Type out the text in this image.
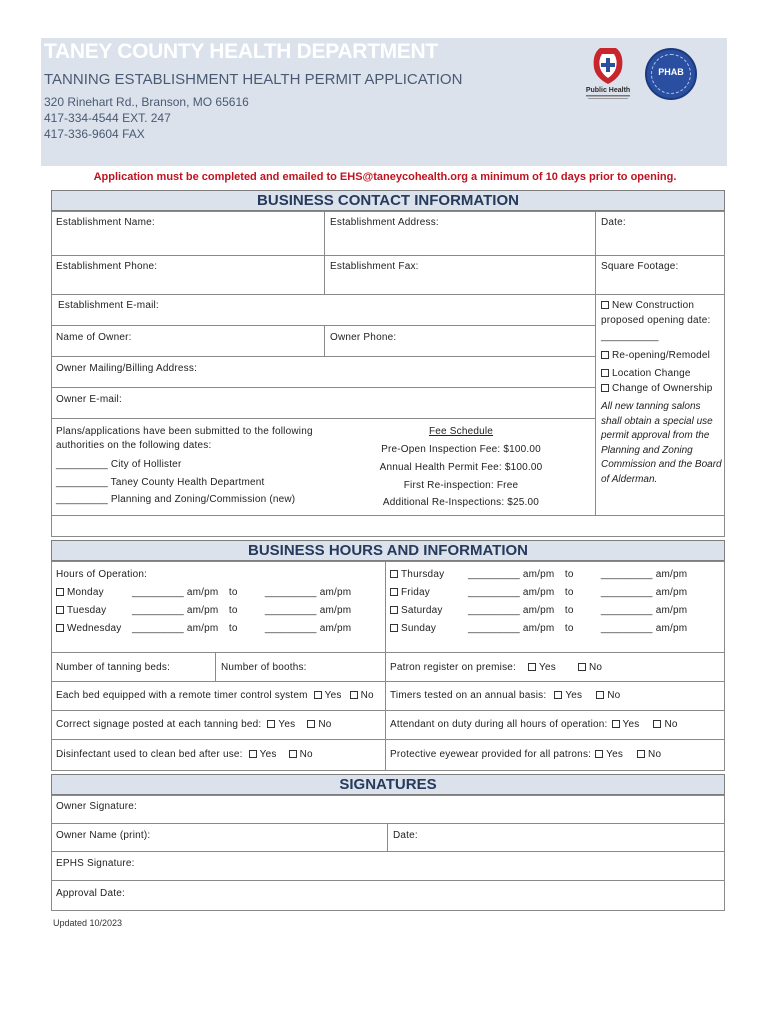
TANEY COUNTY HEALTH DEPARTMENT
TANNING ESTABLISHMENT HEALTH PERMIT APPLICATION
320 Rinehart Rd., Branson, MO 65616
417-334-4544 EXT. 247
417-336-9604 FAX
Public Health
PHAB
Application must be completed and emailed to EHS@taneycohealth.org a minimum of 10 days prior to opening.
BUSINESS CONTACT INFORMATION
Establishment Name:	Establishment Address:	Date:
Establishment Phone:	Establishment Fax:	Square Footage:
Establishment E-mail:
Name of Owner:	Owner Phone:
Owner Mailing/Billing Address:
Owner E-mail:
New Construction
proposed opening date:
__________
Re-opening/Remodel
Location Change
Change of Ownership
All new tanning salons shall obtain a special use permit approval from the Planning and Zoning Commission and the Board of Alderman.
Plans/applications have been submitted to the following
authorities on the following dates:
_________ City of Hollister
_________ Taney County Health Department
_________ Planning and Zoning/Commission (new)
Fee Schedule
Pre-Open Inspection Fee: $100.00
Annual Health Permit Fee: $100.00
First Re-inspection: Free
Additional Re-Inspections: $25.00
BUSINESS HOURS AND INFORMATION
Hours of Operation:
Monday	_________ am/pm to	_________ am/pm
Tuesday	_________ am/pm to	_________ am/pm
Wednesday _________ am/pm to	_________ am/pm
Thursday _________ am/pm to	_________ am/pm
Friday	_________ am/pm to	_________ am/pm
Saturday	_________ am/pm to	_________ am/pm
Sunday	_________ am/pm to	_________ am/pm
Number of tanning beds:	Number of booths:	Patron register on premise: Yes	No
Each bed equipped with a remote timer control system Yes No Timers tested on an annual basis: Yes	No
Correct signage posted at each tanning bed: Yes No	Attendant on duty during all hours of operation: Yes	No
Disinfectant used to clean bed after use: Yes No	Protective eyewear provided for all patrons: Yes	No
SIGNATURES
Owner Signature:
Owner Name (print):	Date:
EPHS Signature:
Approval Date:
Updated 10/2023
